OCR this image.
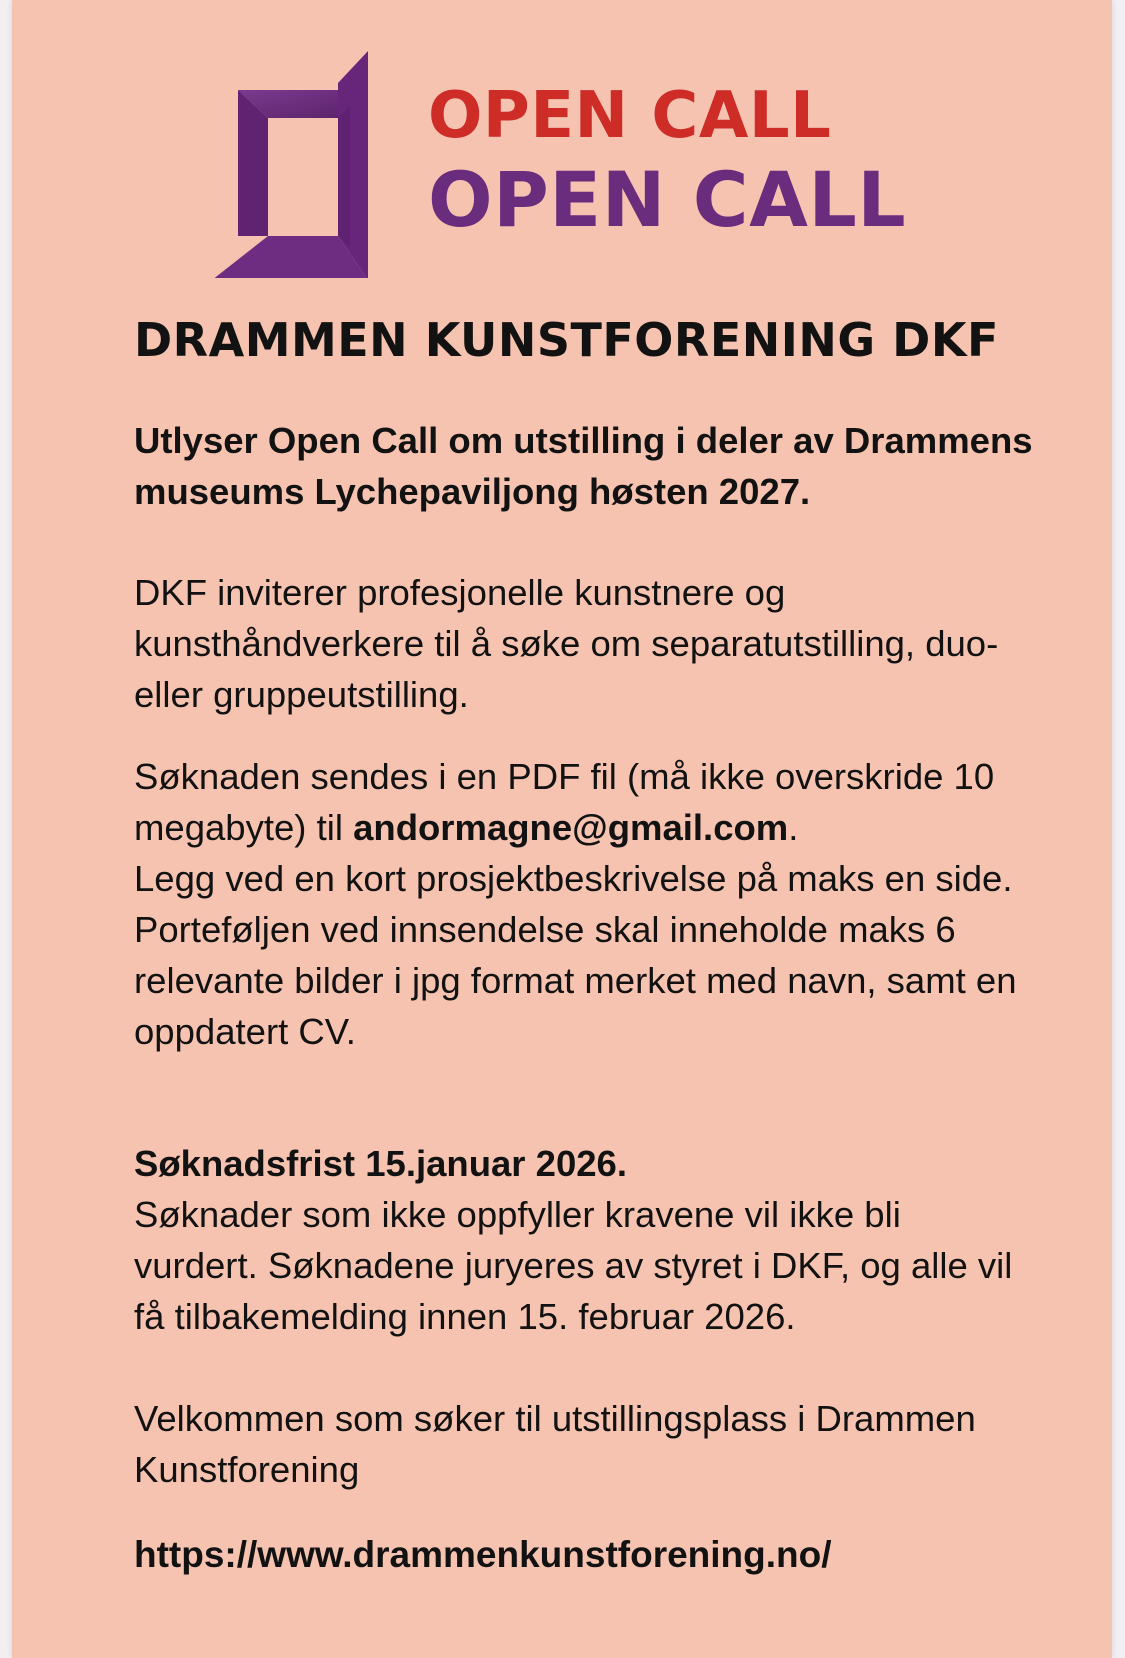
OPEN CALL
OPEN CALL
DRAMMEN KUNSTFORENING DKF

Utlyser Open Call om utstilling i deler av Drammens museums Lychepaviljong høsten 2027.

DKF inviterer profesjonelle kunstnere og kunsthåndverkere til å søke om separatutstilling, duo- eller gruppeutstilling.

Søknaden sendes i en PDF fil (må ikke overskride 10 megabyte) til andormagne@gmail.com.
Legg ved en kort prosjektbeskrivelse på maks en side.
Porteføljen ved innsendelse skal inneholde maks 6 relevante bilder i jpg format merket med navn, samt en oppdatert CV.
Søknadsfrist 15.januar 2026.
Søknader som ikke oppfyller kravene vil ikke bli vurdert. Søknadene juryeres av styret i DKF, og alle vil få tilbakemelding innen 15. februar 2026.

Velkommen som søker til utstillingsplass i Drammen Kunstforening

https://www.drammenkunstforening.no/
